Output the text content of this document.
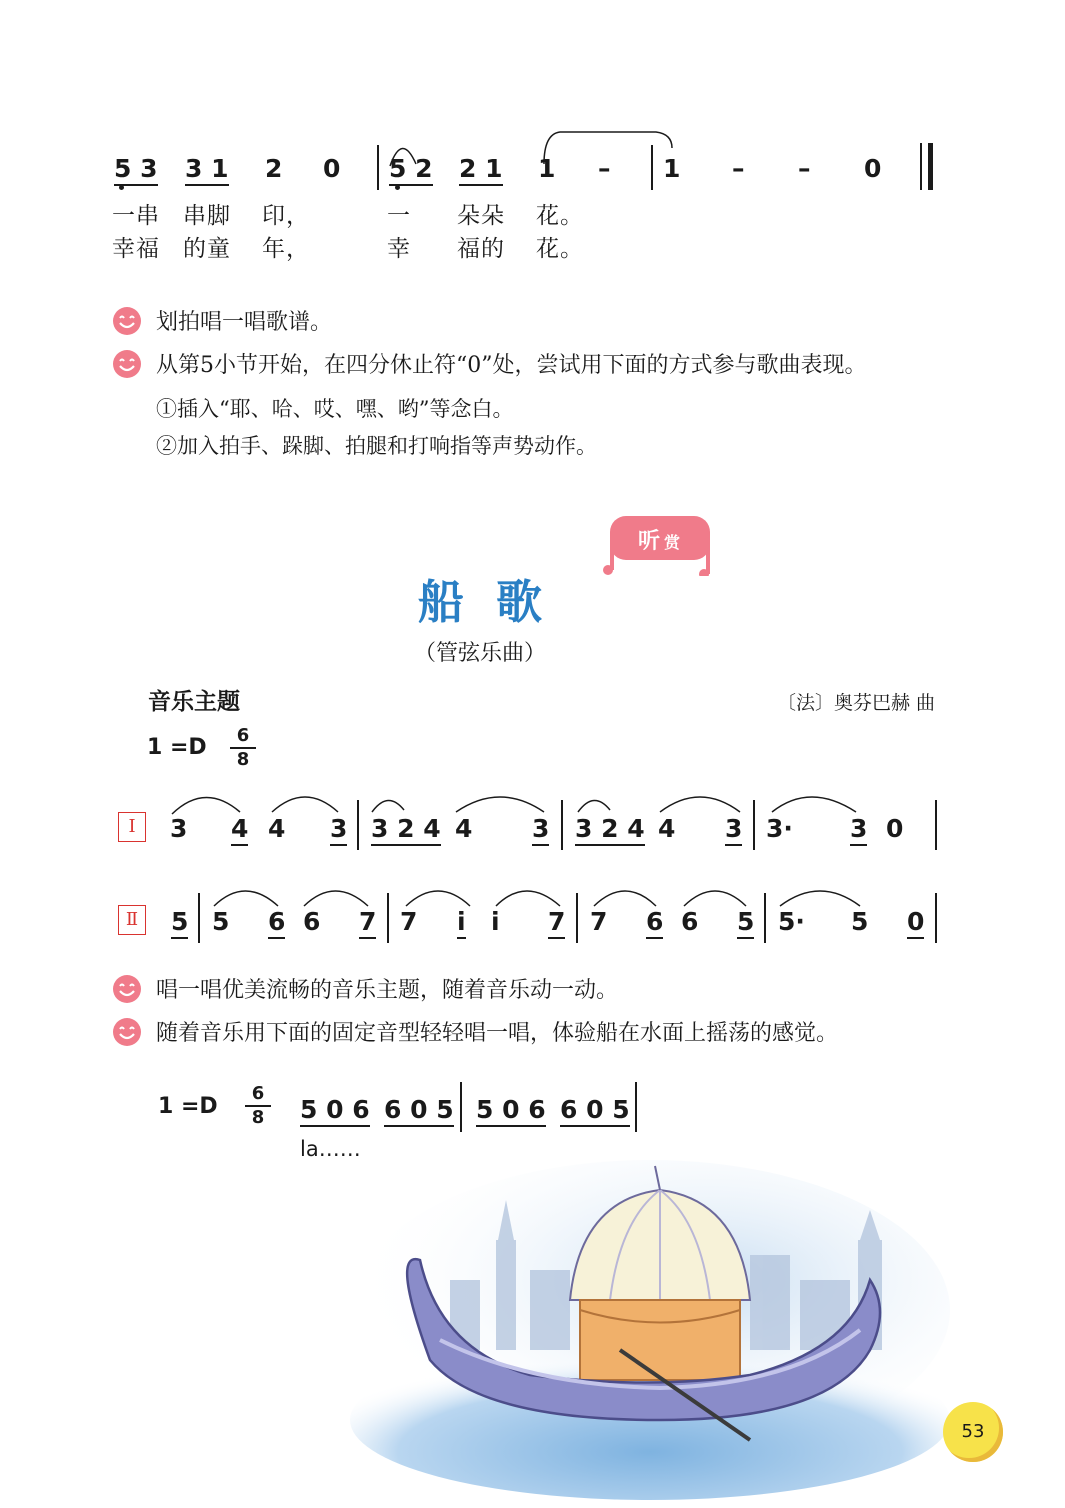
5 3 3 1 2 0 5 2 2 1 1 – 1 – – 0
一串 串脚 印，	一 朵朵 花。
幸福 的童 年，	幸 福的 花。
划拍唱一唱歌谱。
从第5小节开始，在四分休止符“0”处，尝试用下面的方式参与歌曲表现。
①插入“耶、哈、哎、嘿、哟”等念白。
②加入拍手、跺脚、拍腿和打响指等声势动作。
听 赏
船  歌
（管弦乐曲）
音乐主题	〔法〕奥芬巴赫 曲
1 =D	6
8
Ⅰ	3 4 4 3 3 2 4 4 3 3 2 4 4 3 3· 3 0
Ⅱ	5 5 6 6 7 7 i i 7 7 6 6 5 5· 5 0
唱一唱优美流畅的音乐主题，随着音乐动一动。
随着音乐用下面的固定音型轻轻唱一唱，体验船在水面上摇荡的感觉。
1 =D
6
8 5 0 6 6 0 5 5 0 6 6 0 5
la……
53
